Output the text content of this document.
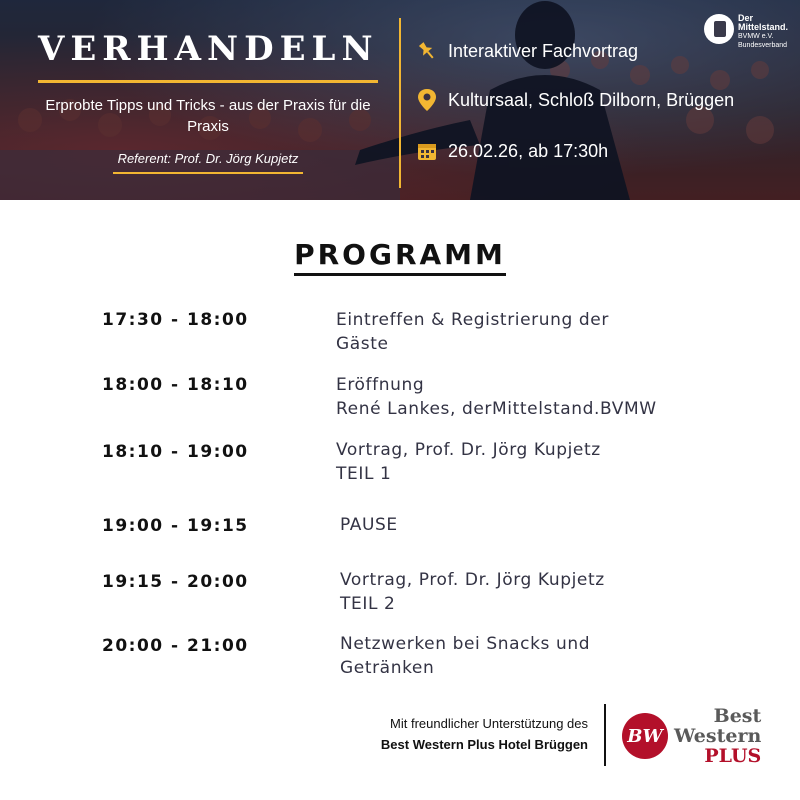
VERHANDELN
Erprobte Tipps und Tricks - aus der Praxis für die Praxis
Referent: Prof. Dr. Jörg Kupjetz
Interaktiver Fachvortrag
Kultursaal, Schloß Dilborn, Brüggen
26.02.26, ab 17:30h
Der
Mittelstand.
BVMW e.V.
Bundesverband
PROGRAMM
17:30 - 18:00	Eintreffen & Registrierung der
Gäste
18:00 - 18:10	Eröffnung
René Lankes, derMittelstand.BVMW
18:10 - 19:00	Vortrag, Prof. Dr. Jörg Kupjetz
TEIL 1
19:00 - 19:15	PAUSE
19:15 - 20:00	Vortrag, Prof. Dr. Jörg Kupjetz
TEIL 2
20:00 - 21:00	Netzwerken bei Snacks und
Getränken
Mit freundlicher Unterstützung des
Best Western Plus Hotel Brüggen BW
Best
Western
PLUS
